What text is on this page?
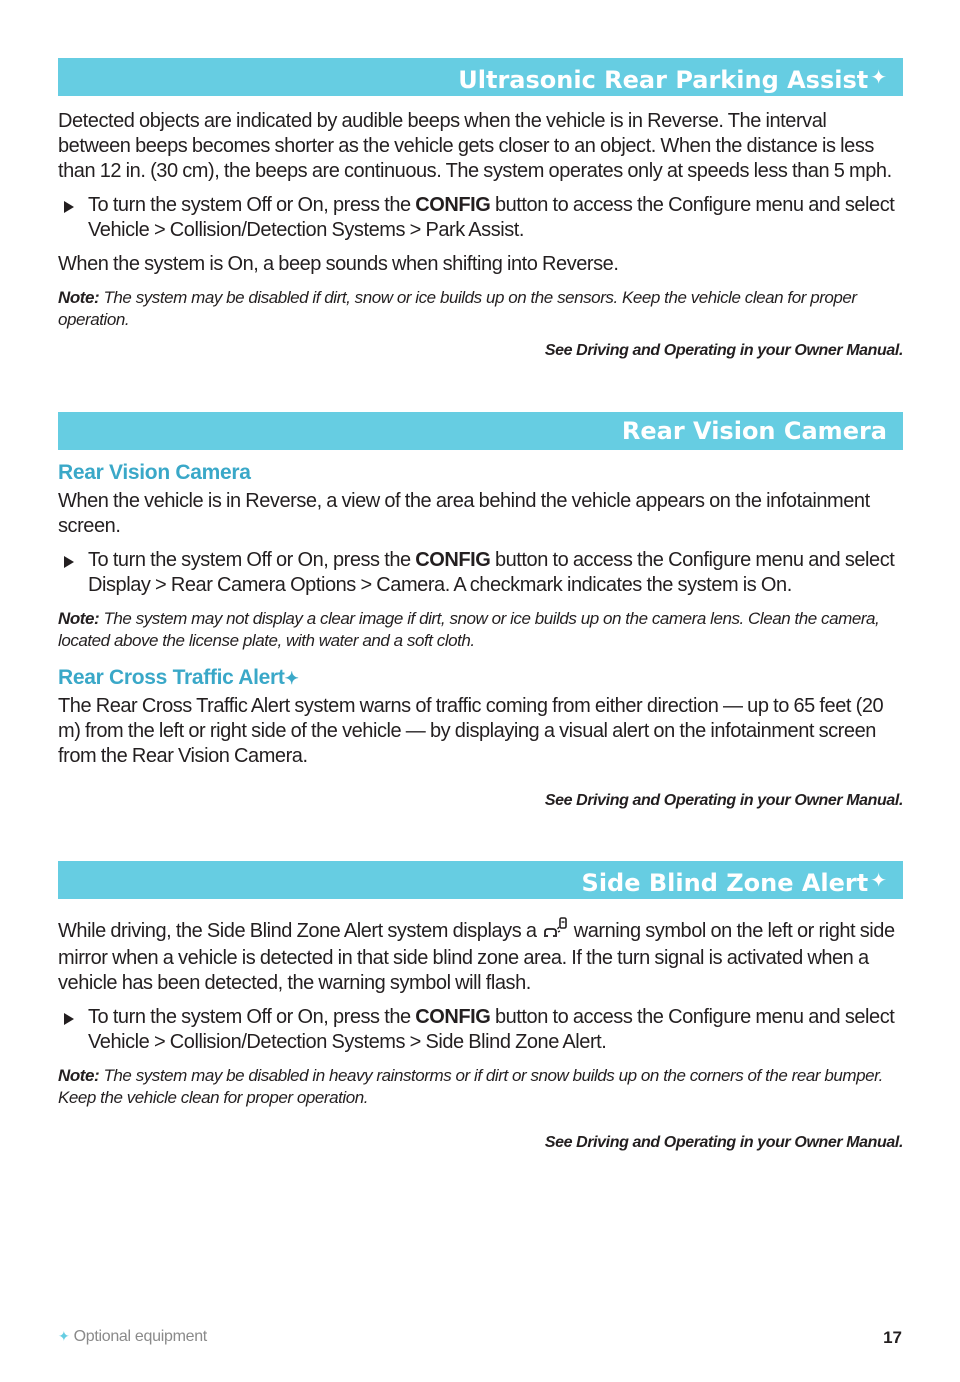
Ultrasonic Rear Parking Assist ✦

Detected objects are indicated by audible beeps when the vehicle is in Reverse. The interval between beeps becomes shorter as the vehicle gets closer to an object. When the distance is less than 12 in. (30 cm), the beeps are continuous. The system operates only at speeds less than 5 mph.

To turn the system Off or On, press the CONFIG button to access the Configure menu and select Vehicle > Collision/Detection Systems > Park Assist.

When the system is On, a beep sounds when shifting into Reverse.

Note: The system may be disabled if dirt, snow or ice builds up on the sensors. Keep the vehicle clean for proper operation.

See Driving and Operating in your Owner Manual.

Rear Vision Camera

Rear Vision Camera

When the vehicle is in Reverse, a view of the area behind the vehicle appears on the infotainment screen.

To turn the system Off or On, press the CONFIG button to access the Configure menu and select Display > Rear Camera Options > Camera. A checkmark indicates the system is On.

Note: The system may not display a clear image if dirt, snow or ice builds up on the camera lens. Clean the camera, located above the license plate, with water and a soft cloth.

Rear Cross Traffic Alert✦

The Rear Cross Traffic Alert system warns of traffic coming from either direction — up to 65 feet (20 m) from the left or right side of the vehicle — by displaying a visual alert on the infotainment screen from the Rear Vision Camera.

See Driving and Operating in your Owner Manual.

Side Blind Zone Alert ✦

While driving, the Side Blind Zone Alert system displays a  warning symbol on the left or right side mirror when a vehicle is detected in that side blind zone area. If the turn signal is activated when a vehicle has been detected, the warning symbol will flash.

To turn the system Off or On, press the CONFIG button to access the Configure menu and select Vehicle > Collision/Detection Systems > Side Blind Zone Alert.

Note: The system may be disabled in heavy rainstorms or if dirt or snow builds up on the corners of the rear bumper. Keep the vehicle clean for proper operation.

See Driving and Operating in your Owner Manual.

✦ Optional equipment	17
